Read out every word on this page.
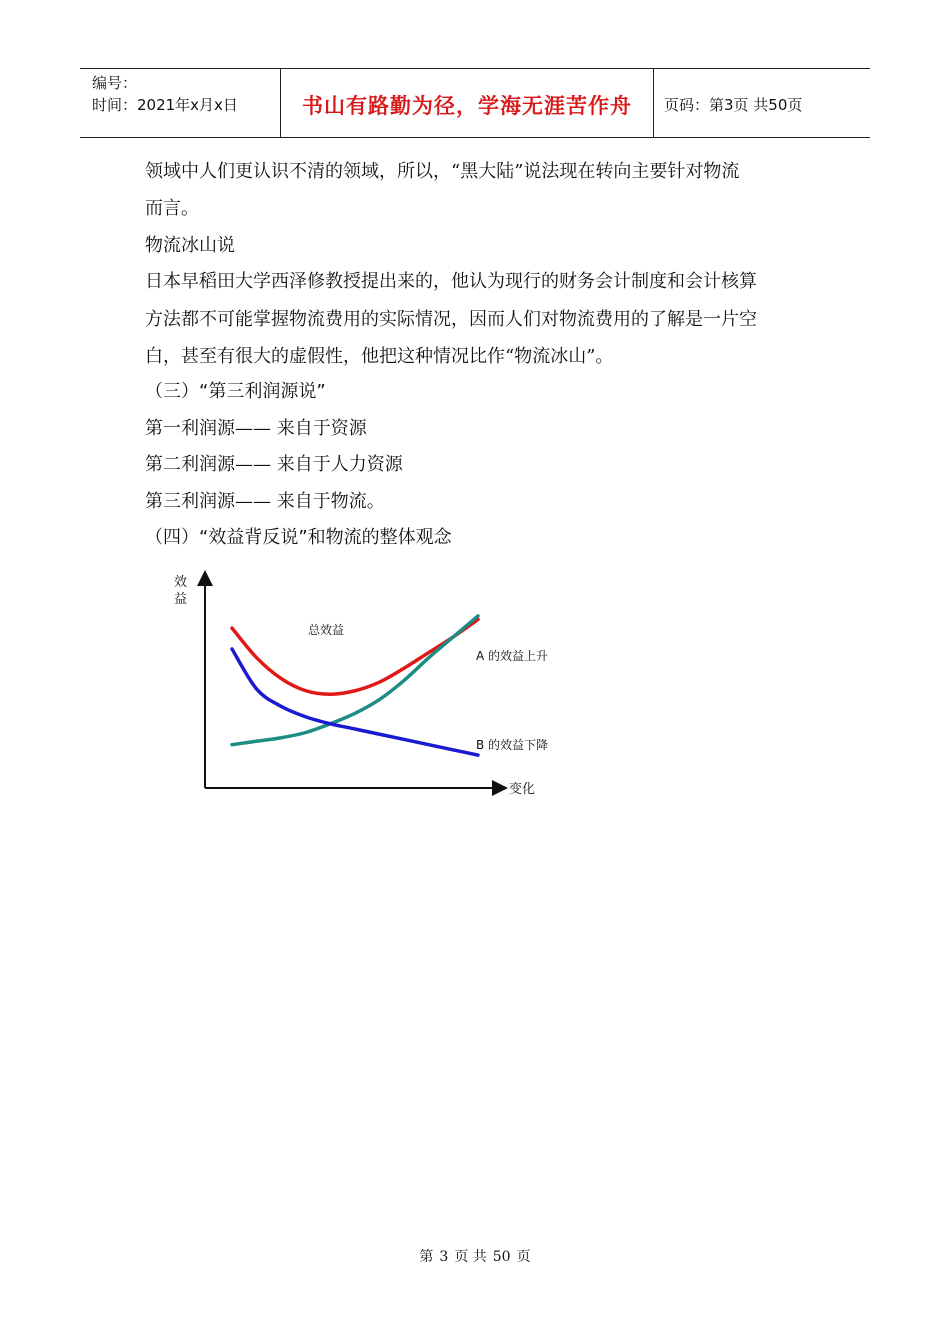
编号：
时间：2021年x月x日	书山有路勤为径，学海无涯苦作舟	页码：第3页 共50页
领域中人们更认识不清的领域，所以，“黑大陆”说法现在转向主要针对物流
而言。
物流冰山说
日本早稻田大学西泽修教授提出来的，他认为现行的财务会计制度和会计核算
方法都不可能掌握物流费用的实际情况，因而人们对物流费用的了解是一片空
白，甚至有很大的虚假性，他把这种情况比作“物流冰山”。
（三）“第三利润源说”
第一利润源—— 来自于资源
第二利润源—— 来自于人力资源
第三利润源—— 来自于物流。
（四）“效益背反说”和物流的整体观念
总效益
A 的效益上升
B 的效益下降
效益
变化
第 3 页 共 50 页
